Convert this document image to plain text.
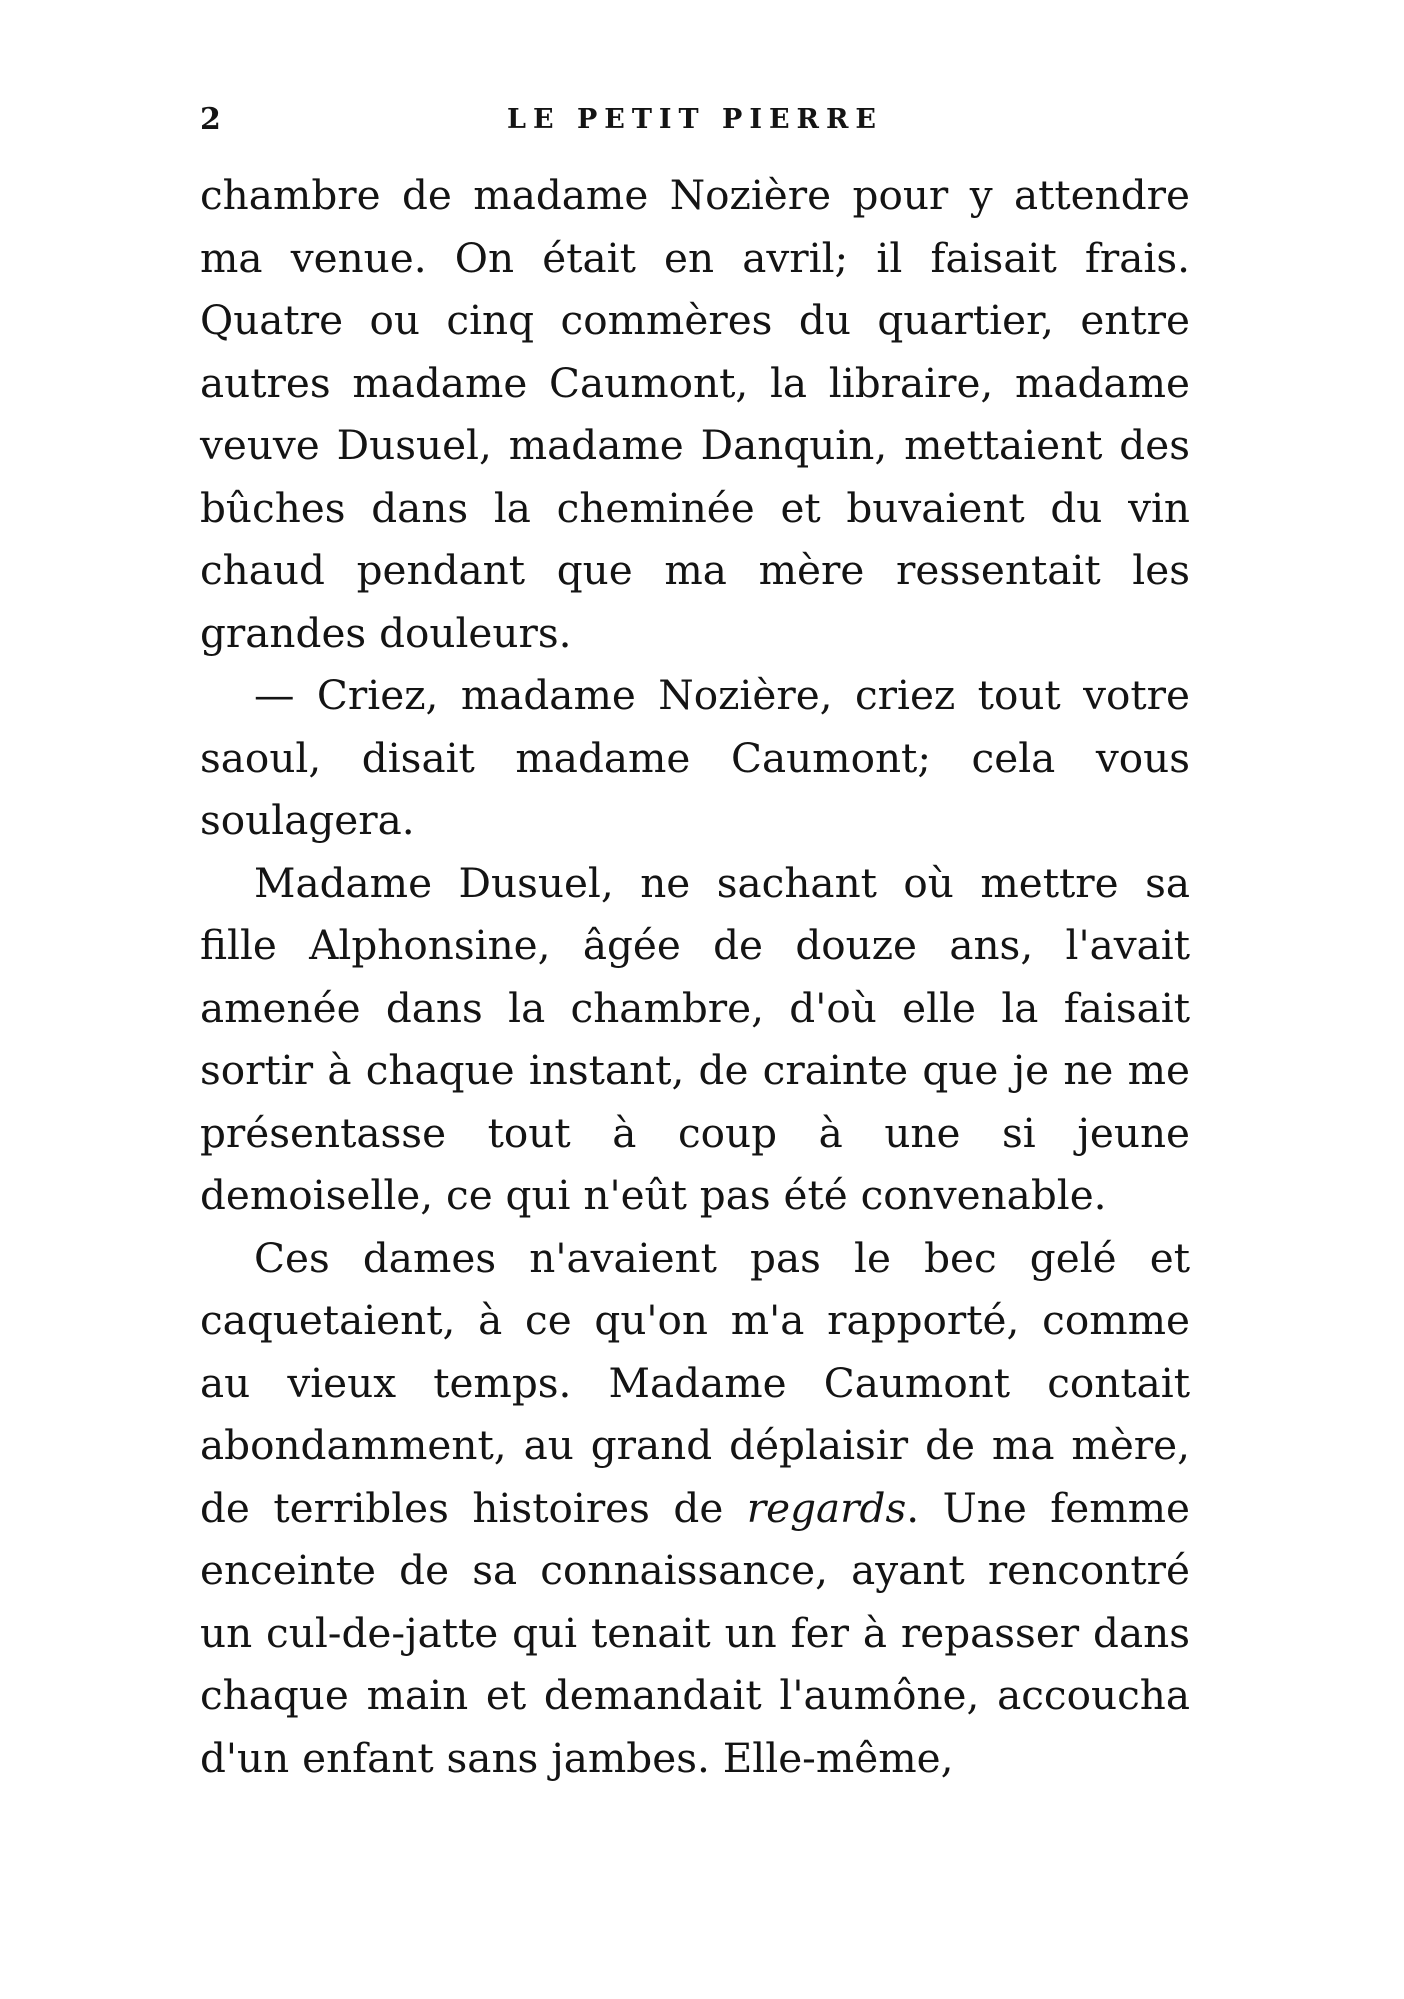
2	LE PETIT PIERRE

chambre de madame Nozière pour y attendre ma venue. On était en avril; il faisait frais. Quatre ou cinq commères du quartier, entre autres madame Caumont, la libraire, madame veuve Dusuel, madame Danquin, mettaient des bûches dans la cheminée et buvaient du vin chaud pendant que ma mère ressentait les grandes douleurs.

— Criez, madame Nozière, criez tout votre saoul, disait madame Caumont; cela vous soulagera.

Madame Dusuel, ne sachant où mettre sa fille Alphonsine, âgée de douze ans, l'avait amenée dans la chambre, d'où elle la faisait sortir à chaque instant, de crainte que je ne me présentasse tout à coup à une si jeune demoiselle, ce qui n'eût pas été convenable.

Ces dames n'avaient pas le bec gelé et caquetaient, à ce qu'on m'a rapporté, comme au vieux temps. Madame Caumont contait abondamment, au grand déplaisir de ma mère, de terribles histoires de regards. Une femme enceinte de sa connaissance, ayant rencontré un cul-de-jatte qui tenait un fer à repasser dans chaque main et demandait l'aumône, accoucha d'un enfant sans jambes. Elle-même,
